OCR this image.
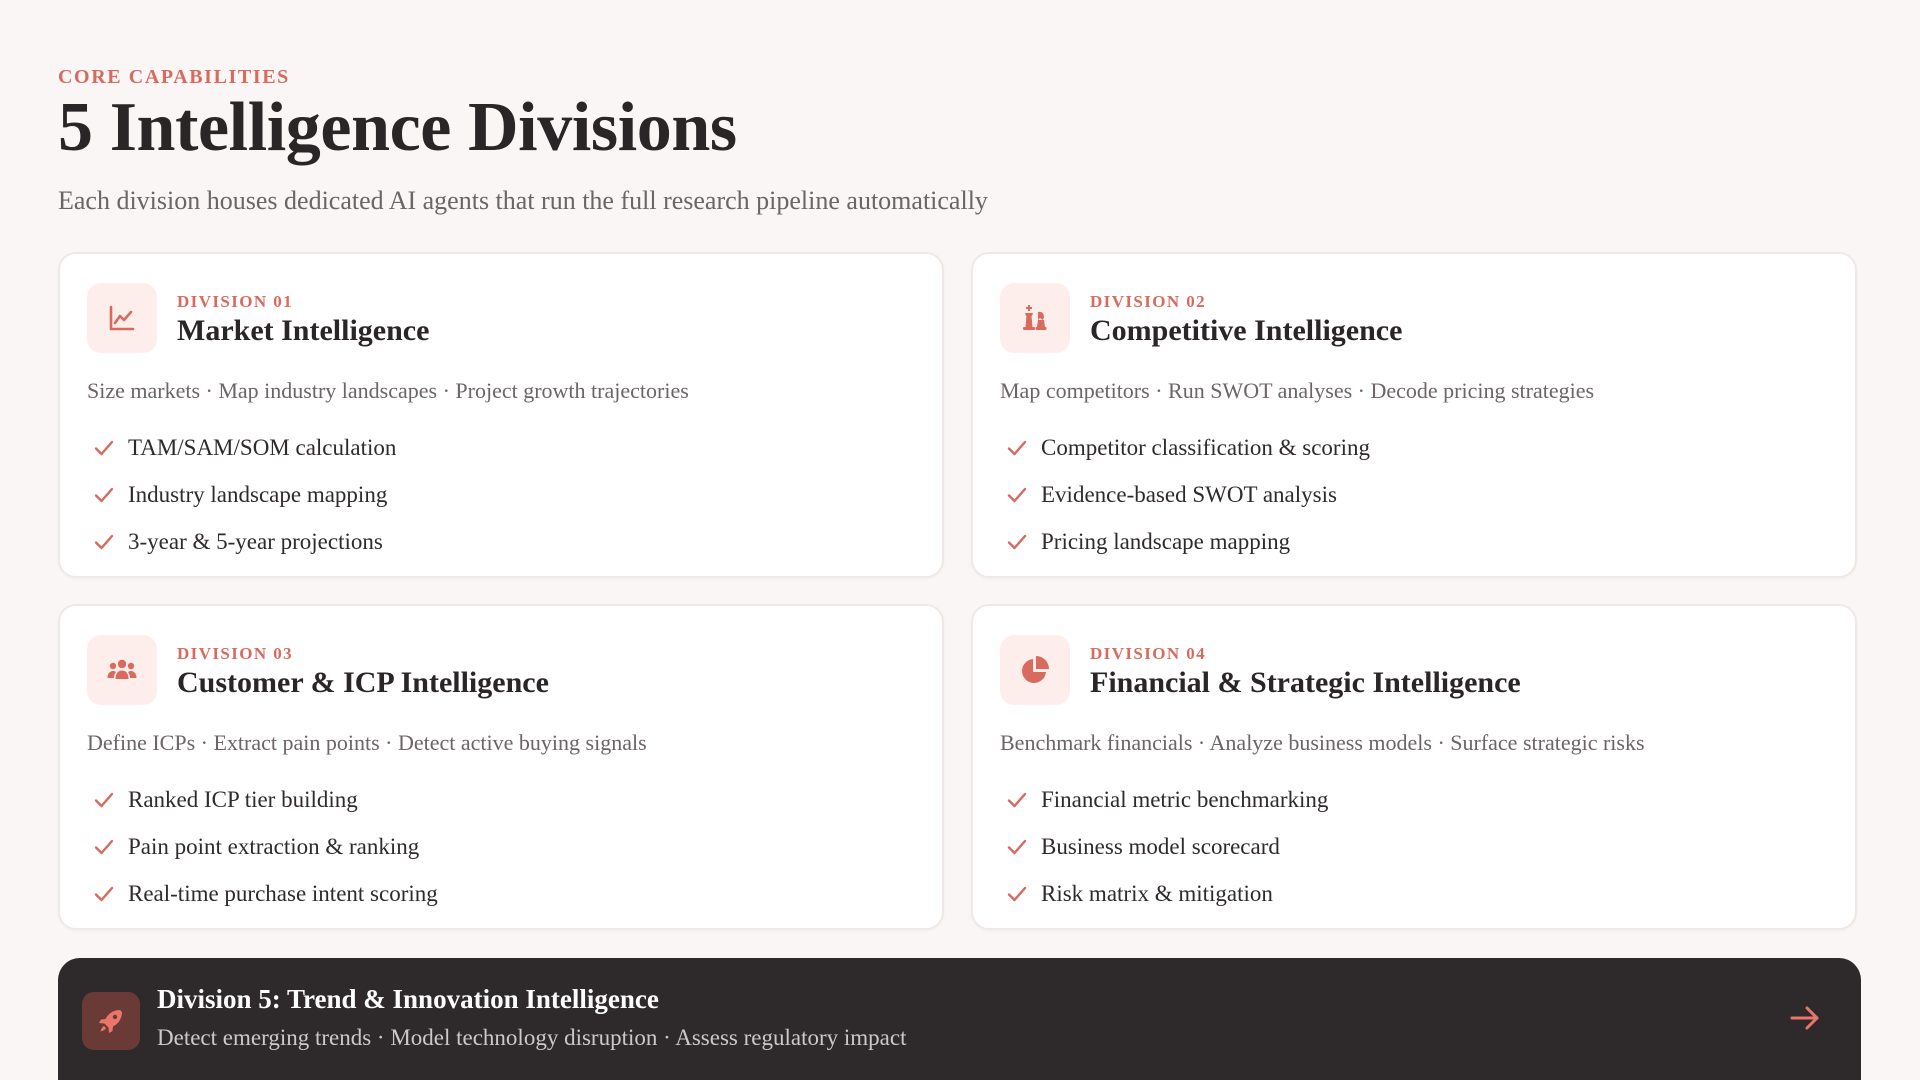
CORE CAPABILITIES
5 Intelligence Divisions
Each division houses dedicated AI agents that run the full research pipeline automatically
DIVISION 01
Market Intelligence
Size markets · Map industry landscapes · Project growth trajectories
TAM/SAM/SOM calculation
Industry landscape mapping
3-year & 5-year projections
DIVISION 02
Competitive Intelligence
Map competitors · Run SWOT analyses · Decode pricing strategies
Competitor classification & scoring
Evidence-based SWOT analysis
Pricing landscape mapping
DIVISION 03
Customer & ICP Intelligence
Define ICPs · Extract pain points · Detect active buying signals
Ranked ICP tier building
Pain point extraction & ranking
Real-time purchase intent scoring
DIVISION 04
Financial & Strategic Intelligence
Benchmark financials · Analyze business models · Surface strategic risks
Financial metric benchmarking
Business model scorecard
Risk matrix & mitigation
Division 5: Trend & Innovation Intelligence
Detect emerging trends · Model technology disruption · Assess regulatory impact
